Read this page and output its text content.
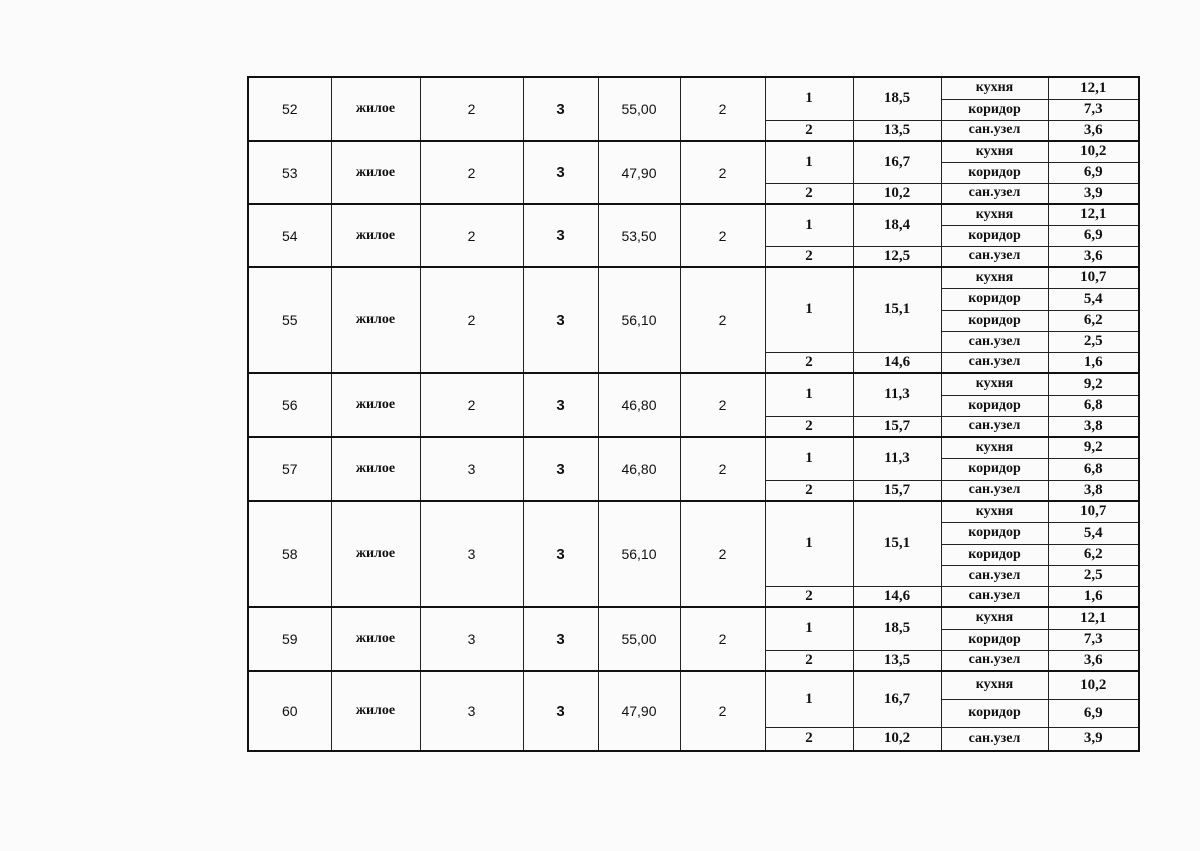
52	жилое	2	3	55,00	2	1	18,5	кухня	12,1
								коридор	7,3
						2	13,5	сан.узел	3,6
53	жилое	2	3	47,90	2	1	16,7	кухня	10,2
								коридор	6,9
						2	10,2	сан.узел	3,9
54	жилое	2	3	53,50	2	1	18,4	кухня	12,1
								коридор	6,9
						2	12,5	сан.узел	3,6
55	жилое	2	3	56,10	2	1	15,1	кухня	10,7
								коридор	5,4
								коридор	6,2
								сан.узел	2,5
						2	14,6	сан.узел	1,6
56	жилое	2	3	46,80	2	1	11,3	кухня	9,2
								коридор	6,8
						2	15,7	сан.узел	3,8
57	жилое	3	3	46,80	2	1	11,3	кухня	9,2
								коридор	6,8
						2	15,7	сан.узел	3,8
58	жилое	3	3	56,10	2	1	15,1	кухня	10,7
								коридор	5,4
								коридор	6,2
								сан.узел	2,5
						2	14,6	сан.узел	1,6
59	жилое	3	3	55,00	2	1	18,5	кухня	12,1
								коридор	7,3
						2	13,5	сан.узел	3,6
60	жилое	3	3	47,90	2	1	16,7	кухня	10,2
								коридор	6,9
						2	10,2	сан.узел	3,9
